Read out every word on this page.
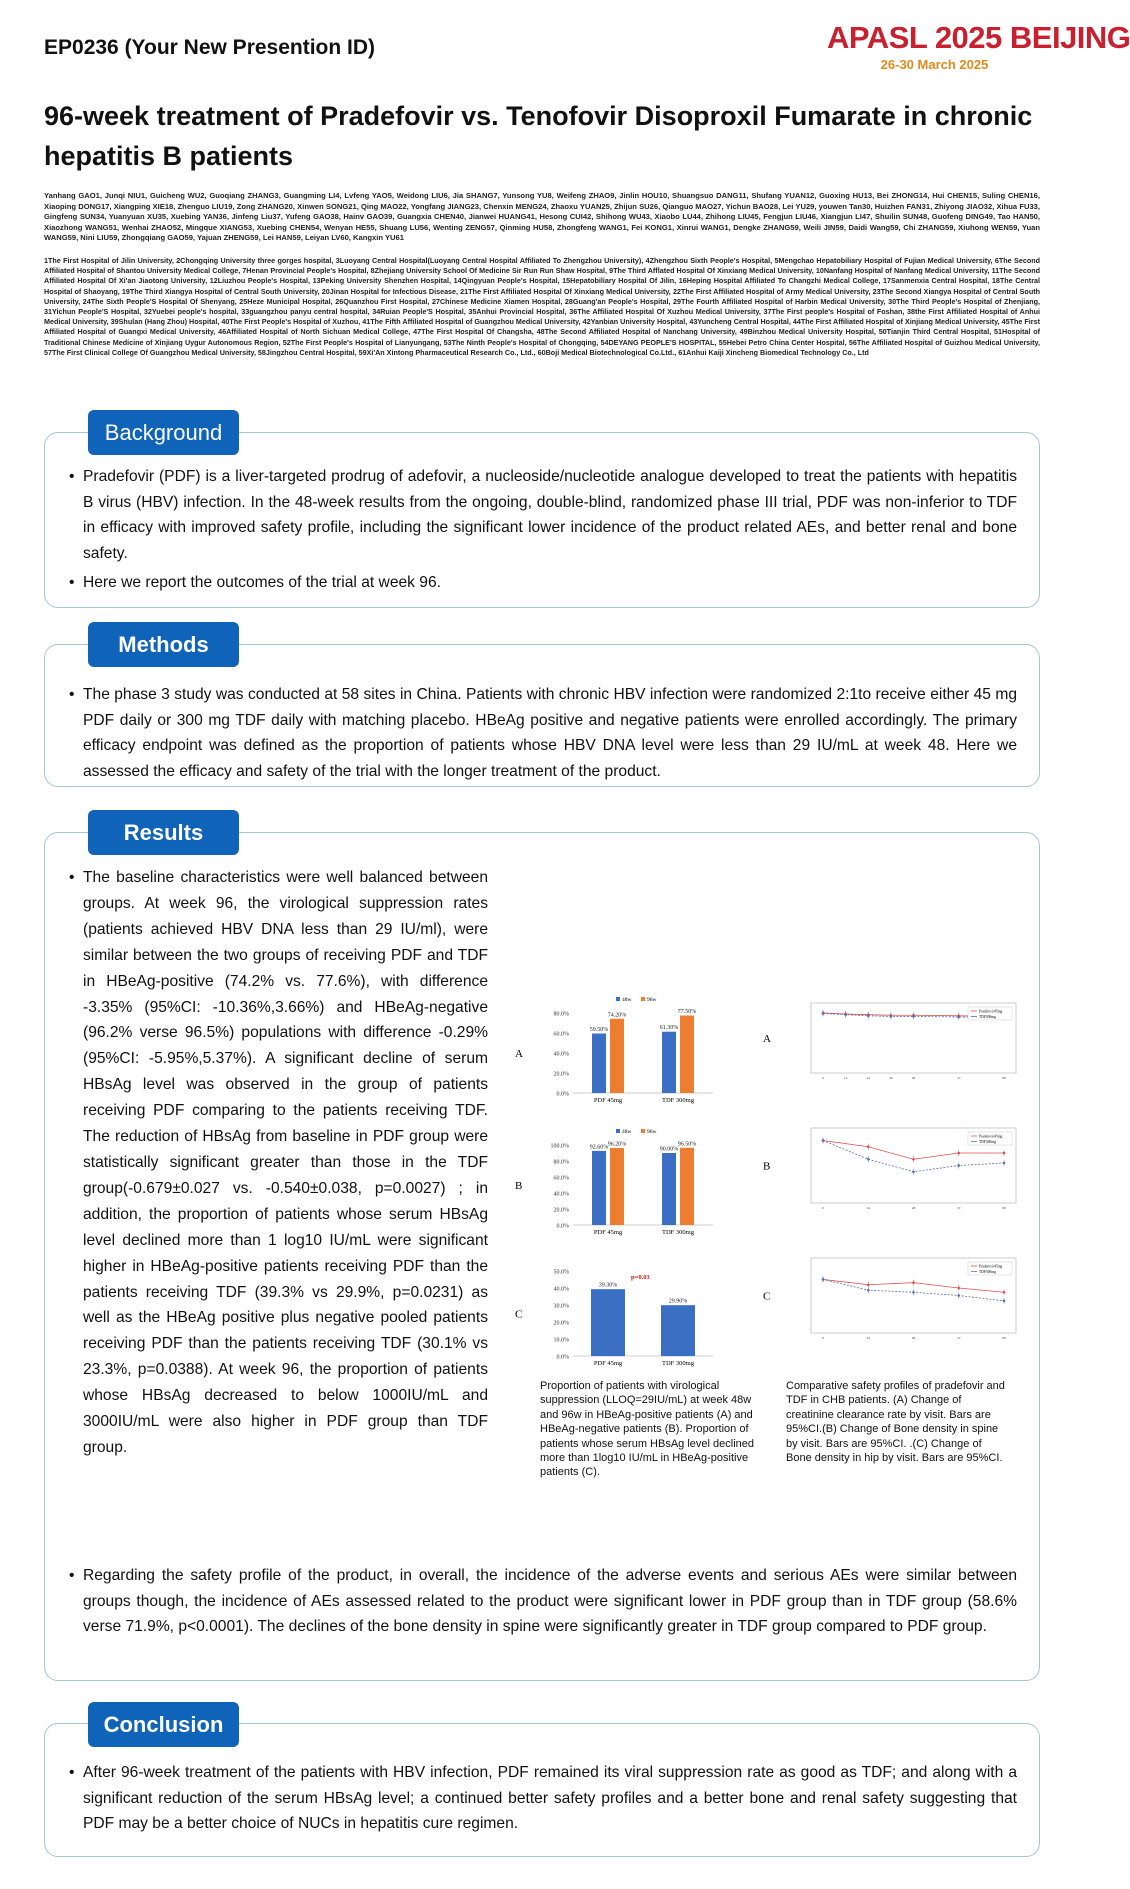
EP0236 (Your New Presention ID)	APASL 2025 BEIJING
26-30 March 2025
96-week treatment of Pradefovir vs. Tenofovir Disoproxil Fumarate in chronic hepatitis B patients
Yanhang GAO1, Junqi NIU1, Guicheng WU2, Guoqiang ZHANG3, Guangming LI4, Lvfeng YAO5, Weidong LIU6, Jia SHANG7, Yunsong YU8, Weifeng ZHAO9, Jinlin HOU10, Shuangsuo DANG11, Shufang YUAN12, Guoxing HU13, Bei ZHONG14, Hui CHEN15, Suling CHEN16, Xiaoping DONG17, Xiangping XIE18, Zhenguo LIU19, Zong ZHANG20, Xinwen SONG21, Qing MAO22, Yongfang JIANG23, Chenxin MENG24, Zhaoxu YUAN25, Zhijun SU26, Qianguo MAO27, Yichun BAO28, Lei YU29, youwen Tan30, Huizhen FAN31, Zhiyong JIAO32, Xihua FU33, Gingfeng SUN34, Yuanyuan XU35, Xuebing YAN36, Jinfeng Liu37, Yufeng GAO38, Hainv GAO39, Guangxia CHEN40, Jianwei HUANG41, Hesong CUI42, Shihong WU43, Xiaobo LU44, Zhihong LIU45, Fengjun LIU46, Xiangjun LI47, Shuilin SUN48, Guofeng DING49, Tao HAN50, Xiaozhong WANG51, Wenhai ZHAO52, Mingque XIANG53, Xuebing CHEN54, Wenyan HE55, Shuang LU56, Wenting ZENG57, Qinming HU58, Zhongfeng WANG1, Fei KONG1, Xinrui WANG1, Dengke ZHANG59, Weili JIN59, Daidi Wang59, Chi ZHANG59, Xiuhong WEN59, Yuan WANG59, Nini LIU59, Zhongqiang GAO59, Yajuan ZHENG59, Lei HAN59, Leiyan LV60, Kangxin YU61
1The First Hospital of Jilin University, 2Chongqing University three gorges hospital, 3Luoyang Central Hospital(Luoyang Central Hospital Affiliated To Zhengzhou University), 4Zhengzhou Sixth People's Hospital, 5Mengchao Hepatobiliary Hospital of Fujian Medical University, 6The Second Affiliated Hospital of Shantou University Medical College, 7Henan Provincial People's Hospital, 8Zhejiang University School Of Medicine Sir Run Run Shaw Hospital, 9The Third Afflated Hospital Of Xinxiang Medical University, 10Nanfang Hospital of Nanfang Medical University, 11The Second Affiliated Hospital Of Xi'an Jiaotong University, 12Liuzhou People's Hospital, 13Peking University Shenzhen Hospital, 14Qingyuan People's Hospital, 15Hepatobiliary Hospital Of Jilin, 16Heping Hospital Affiliated To Changzhi Medical College, 17Sanmenxia Central Hospital, 18The Central Hospital of Shaoyang, 19The Third Xiangya Hospital of Central South University, 20Jinan Hospital for Infectious Disease, 21The First Affiliated Hospital Of Xinxiang Medical University, 22The First Affiliated Hospital of Army Medical University, 23The Second Xiangya Hospital of Central South University, 24The Sixth People'S Hospital Of Shenyang, 25Heze Municipal Hospital, 26Quanzhou First Hospital, 27Chinese Medicine Xiamen Hospital, 28Guang'an People's Hospital, 29The Fourth Affiliated Hospital of Harbin Medical University, 30The Third People's Hospital of Zhenjiang, 31Yichun People'S Hospital, 32Yuebei people's hospital, 33guangzhou panyu central hospital, 34Ruian People'S Hospital, 35Anhui Provincial Hospital, 36The Affiliated Hospital Of Xuzhou Medical University, 37The First people's Hospital of Foshan, 38the First Affiliated Hospital of Anhui Medical University, 39Shulan (Hang Zhou) Hospital, 40The First People's Hospital of Xuzhou, 41The Fifth Affiliated Hospital of Guangzhou Medical University, 42Yanbian University Hospital, 43Yuncheng Central Hospital, 44The First Affiliated Hospital of Xinjiang Medical University, 45The First Affiliated Hospital of Guangxi Medical University, 46Affiliated Hospital of North Sichuan Medical College, 47The First Hospital Of Changsha, 48The Second Affiliated Hospital of Nanchang University, 49Binzhou Medical University Hospital, 50Tianjin Third Central Hospital, 51Hospital of Traditional Chinese Medicine of Xinjiang Uygur Autonomous Region, 52The First People's Hospital of Lianyungang, 53The Ninth People's Hospital of Chongqing, 54DEYANG PEOPLE'S HOSPITAL, 55Hebei Petro China Center Hospital, 56The Affiliated Hospital of Guizhou Medical University, 57The First Clinical College Of Guangzhou Medical University, 58Jingzhou Central Hospital, 59Xi'An Xintong Pharmaceutical Research Co., Ltd., 60Boji Medical Biotechnological Co.Ltd., 61Anhui Kaiji Xincheng Biomedical Technology Co., Ltd
• Pradefovir (PDF) is a liver-targeted prodrug of adefovir, a nucleoside/nucleotide analogue developed to treat the patients with hepatitis B virus (HBV) infection. In the 48-week results from the ongoing, double-blind, randomized phase III trial, PDF was non-inferior to TDF in efficacy with improved safety profile, including the significant lower incidence of the product related AEs, and better renal and bone safety.
• Here we report the outcomes of the trial at week 96.
Background
• The phase 3 study was conducted at 58 sites in China. Patients with chronic HBV infection were randomized 2:1to receive either 45 mg PDF daily or 300 mg TDF daily with matching placebo. HBeAg positive and negative patients were enrolled accordingly. The primary efficacy endpoint was defined as the proportion of patients whose HBV DNA level were less than 29 IU/mL at week 48. Here we assessed the efficacy and safety of the trial with the longer treatment of the product.
Methods
• The baseline characteristics were well balanced between groups. At week 96, the virological suppression rates (patients achieved HBV DNA less than 29 IU/ml), were similar between the two groups of receiving PDF and TDF in HBeAg-positive (74.2% vs. 77.6%), with difference -3.35% (95%CI: -10.36%,3.66%) and HBeAg-negative (96.2% verse 96.5%) populations with difference -0.29% (95%CI: -5.95%,5.37%). A significant decline of serum HBsAg level was observed in the group of patients receiving PDF comparing to the patients receiving TDF. The reduction of HBsAg from baseline in PDF group were statistically significant greater than those in the TDF group(-0.679±0.027 vs. -0.540±0.038, p=0.0027) ; in addition, the proportion of patients whose serum HBsAg level declined more than 1 log10 IU/mL were significant higher in HBeAg-positive patients receiving PDF than the patients receiving TDF (39.3% vs 29.9%, p=0.0231) as well as the HBeAg positive plus negative pooled patients receiving PDF than the patients receiving TDF (30.1% vs 23.3%, p=0.0388). At week 96, the proportion of patients whose HBsAg decreased to below 1000IU/mL and 3000IU/mL were also higher in PDF group than TDF group.
• Regarding the safety profile of the product, in overall, the incidence of the adverse events and serious AEs were similar between groups though, the incidence of AEs assessed related to the product were significant lower in PDF group than in TDF group (58.6% verse 71.9%, p<0.0001). The declines of the bone density in spine were significantly greater in TDF group compared to PDF group.
A
0.0%
20.0%
40.0%
60.0%
80.0%
48w	96w
59.50%
74.20%
PDF 45mg
61.30%
77.50%
TDF 300mg
B
0.0%
20.0%
40.0%
60.0%
80.0%
100.0%
48w	96w
92.60% 96.20%
PDF 45mg
90.00%
96.50%
TDF 300mg
C
0.0%
10.0%
20.0%
30.0%
40.0%
50.0%
39.30%
PDF 45mg
29.90%
TDF 300mg
p=0.03
A
0	12	24	36	48	72	96
Pradefovir45mg
TDF300mg
B
0	24	48	72	96
Pradefovir45mg
TDF300mg
C
0	24	48	72	96
Pradefovir45mg
TDF300mg
Proportion of patients with virological suppression (LLOQ=29IU/mL) at week 48w and 96w in HBeAg-positive patients (A) and HBeAg-negative patients (B). Proportion of patients whose serum HBsAg level declined more than 1log10 IU/mL in HBeAg-positive patients (C).
Comparative safety profiles of pradefovir and TDF in CHB patients. (A) Change of creatinine clearance rate by visit. Bars are 95%CI.(B) Change of Bone density in spine by visit. Bars are 95%CI. .(C) Change of Bone density in hip by visit. Bars are 95%CI.
Results
• After 96-week treatment of the patients with HBV infection, PDF remained its viral suppression rate as good as TDF; and along with a significant reduction of the serum HBsAg level; a continued better safety profiles and a better bone and renal safety suggesting that PDF may be a better choice of NUCs in hepatitis cure regimen.
Conclusion
